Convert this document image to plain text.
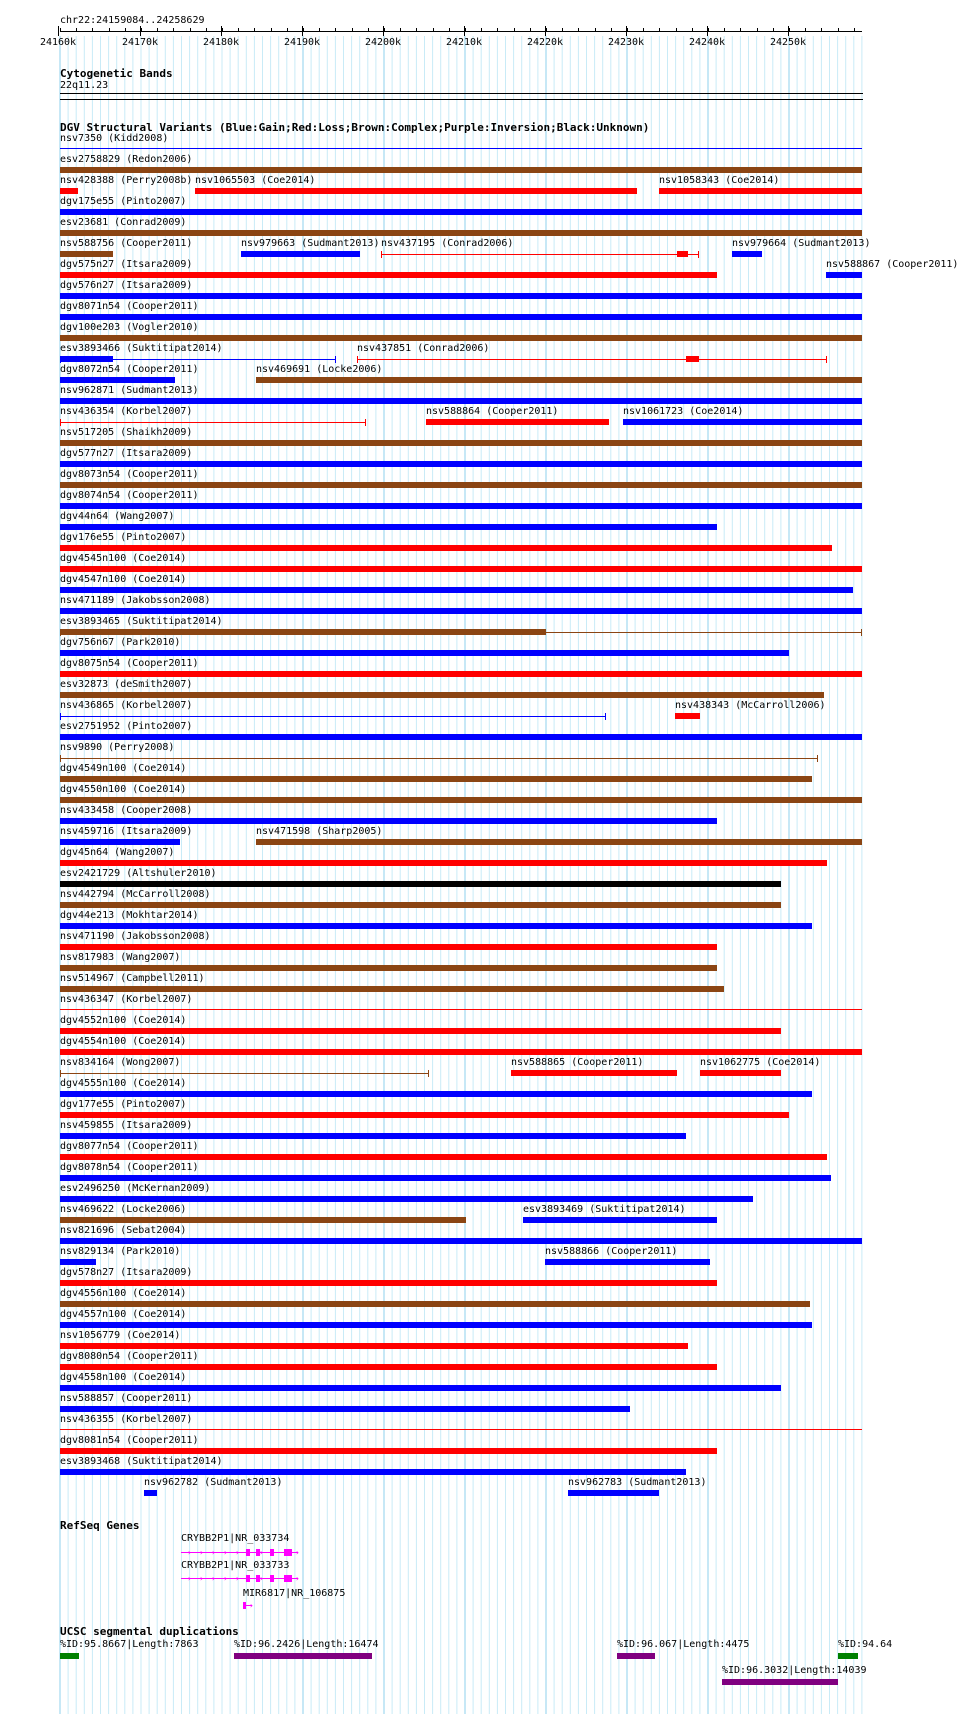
chr22:24159084..24258629
24160k	24170k	24180k	24190k	24200k	24210k	24220k	24230k	24240k	24250k
Cytogenetic Bands
22q11.23
DGV Structural Variants (Blue:Gain;Red:Loss;Brown:Complex;Purple:Inversion;Black:Unknown)
nsv7350 (Kidd2008)
esv2758829 (Redon2006)
nsv428388 (Perry2008b) nsv1065503 (Coe2014)	nsv1058343 (Coe2014)
dgv175e55 (Pinto2007)
esv23681 (Conrad2009)
nsv588756 (Cooper2011)	nsv979663 (Sudmant2013) nsv437195 (Conrad2006)	nsv979664 (Sudmant2013)
dgv575n27 (Itsara2009)	nsv588867 (Cooper2011)
dgv576n27 (Itsara2009)
dgv8071n54 (Cooper2011)
dgv100e203 (Vogler2010)
esv3893466 (Suktitipat2014)	nsv437851 (Conrad2006)
dgv8072n54 (Cooper2011)	nsv469691 (Locke2006)
nsv962871 (Sudmant2013)
nsv436354 (Korbel2007)	nsv588864 (Cooper2011)	nsv1061723 (Coe2014)
nsv517205 (Shaikh2009)
dgv577n27 (Itsara2009)
dgv8073n54 (Cooper2011)
dgv8074n54 (Cooper2011)
dgv44n64 (Wang2007)
dgv176e55 (Pinto2007)
dgv4545n100 (Coe2014)
dgv4547n100 (Coe2014)
nsv471189 (Jakobsson2008)
esv3893465 (Suktitipat2014)
dgv756n67 (Park2010)
dgv8075n54 (Cooper2011)
esv32873 (deSmith2007)
nsv436865 (Korbel2007)	nsv438343 (McCarroll2006)
esv2751952 (Pinto2007)
nsv9890 (Perry2008)
dgv4549n100 (Coe2014)
dgv4550n100 (Coe2014)
nsv433458 (Cooper2008)
nsv459716 (Itsara2009)	nsv471598 (Sharp2005)
dgv45n64 (Wang2007)
esv2421729 (Altshuler2010)
nsv442794 (McCarroll2008)
dgv44e213 (Mokhtar2014)
nsv471190 (Jakobsson2008)
nsv817983 (Wang2007)
nsv514967 (Campbell2011)
nsv436347 (Korbel2007)
dgv4552n100 (Coe2014)
dgv4554n100 (Coe2014)
nsv834164 (Wong2007)	nsv588865 (Cooper2011)	nsv1062775 (Coe2014)
dgv4555n100 (Coe2014)
dgv177e55 (Pinto2007)
nsv459855 (Itsara2009)
dgv8077n54 (Cooper2011)
dgv8078n54 (Cooper2011)
esv2496250 (McKernan2009)
nsv469622 (Locke2006)	esv3893469 (Suktitipat2014)
nsv821696 (Sebat2004)
nsv829134 (Park2010)	nsv588866 (Cooper2011)
dgv578n27 (Itsara2009)
dgv4556n100 (Coe2014)
dgv4557n100 (Coe2014)
nsv1056779 (Coe2014)
dgv8080n54 (Cooper2011)
dgv4558n100 (Coe2014)
nsv588857 (Cooper2011)
nsv436355 (Korbel2007)
dgv8081n54 (Cooper2011)
esv3893468 (Suktitipat2014)
nsv962782 (Sudmant2013)	nsv962783 (Sudmant2013)
RefSeq Genes
CRYBB2P1|NR_033734
› › › › › › › › › ›
CRYBB2P1|NR_033733
› › › › › › › › › ›
MIR6817|NR_106875
›
UCSC segmental duplications
%ID:95.8667|Length:7863	%ID:96.2426|Length:16474	%ID:96.067|Length:4475	%ID:94.64
%ID:96.3032|Length:14039
